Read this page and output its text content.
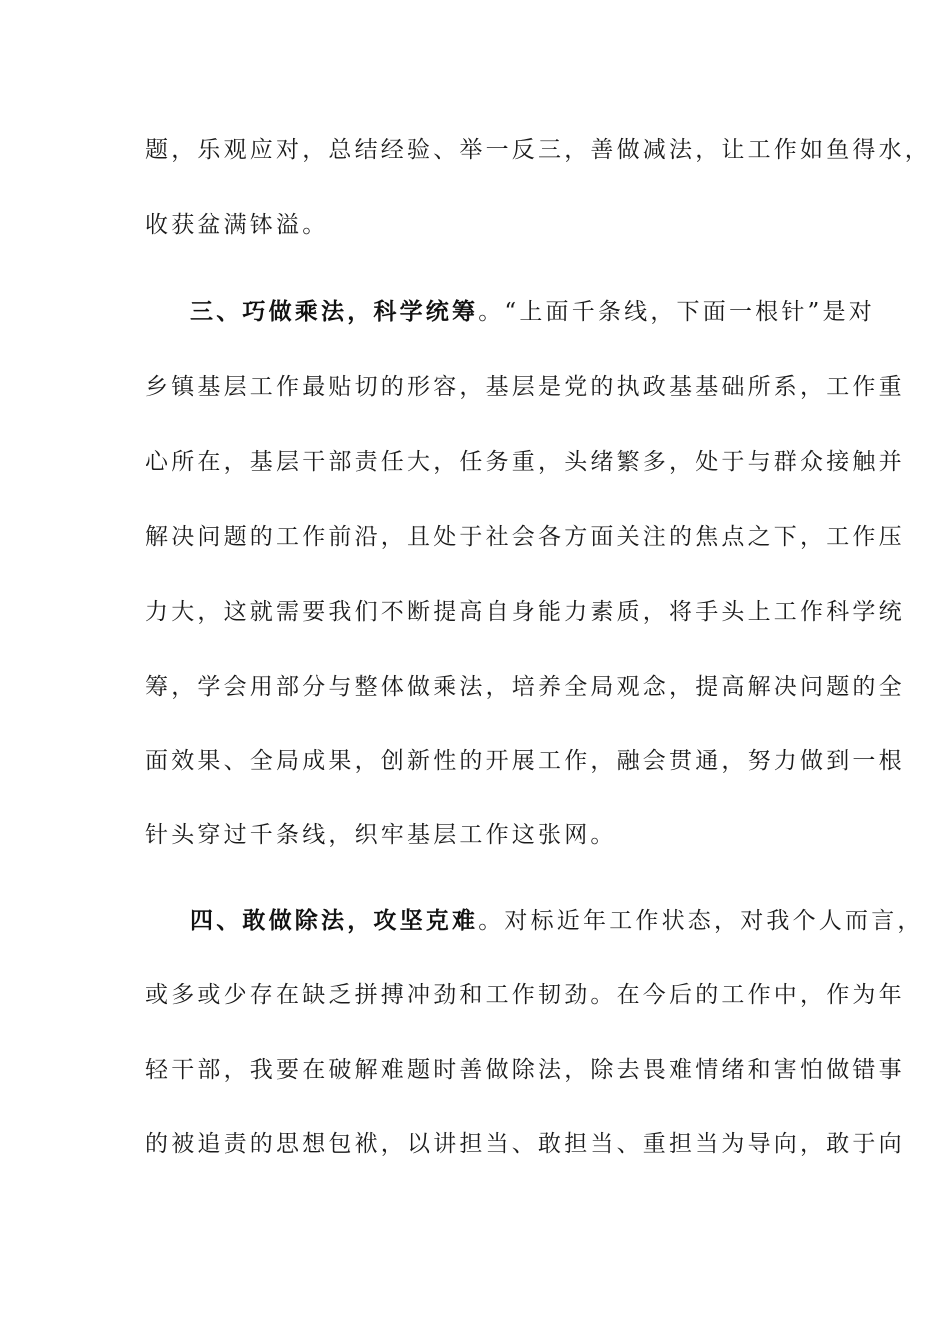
题，乐观应对，总结经验、举一反三，善做减法，让工作如鱼得水，
收获盆满钵溢。
三、巧做乘法，科学统筹。“上面千条线，下面一根针”是对
乡镇基层工作最贴切的形容，基层是党的执政基基础所系，工作重
心所在，基层干部责任大，任务重，头绪繁多，处于与群众接触并
解决问题的工作前沿，且处于社会各方面关注的焦点之下，工作压
力大，这就需要我们不断提高自身能力素质，将手头上工作科学统
筹，学会用部分与整体做乘法，培养全局观念，提高解决问题的全
面效果、全局成果，创新性的开展工作，融会贯通，努力做到一根
针头穿过千条线，织牢基层工作这张网。
四、敢做除法，攻坚克难。对标近年工作状态，对我个人而言，
或多或少存在缺乏拼搏冲劲和工作韧劲。在今后的工作中，作为年
轻干部，我要在破解难题时善做除法，除去畏难情绪和害怕做错事
的被追责的思想包袱，以讲担当、敢担当、重担当为导向，敢于向
